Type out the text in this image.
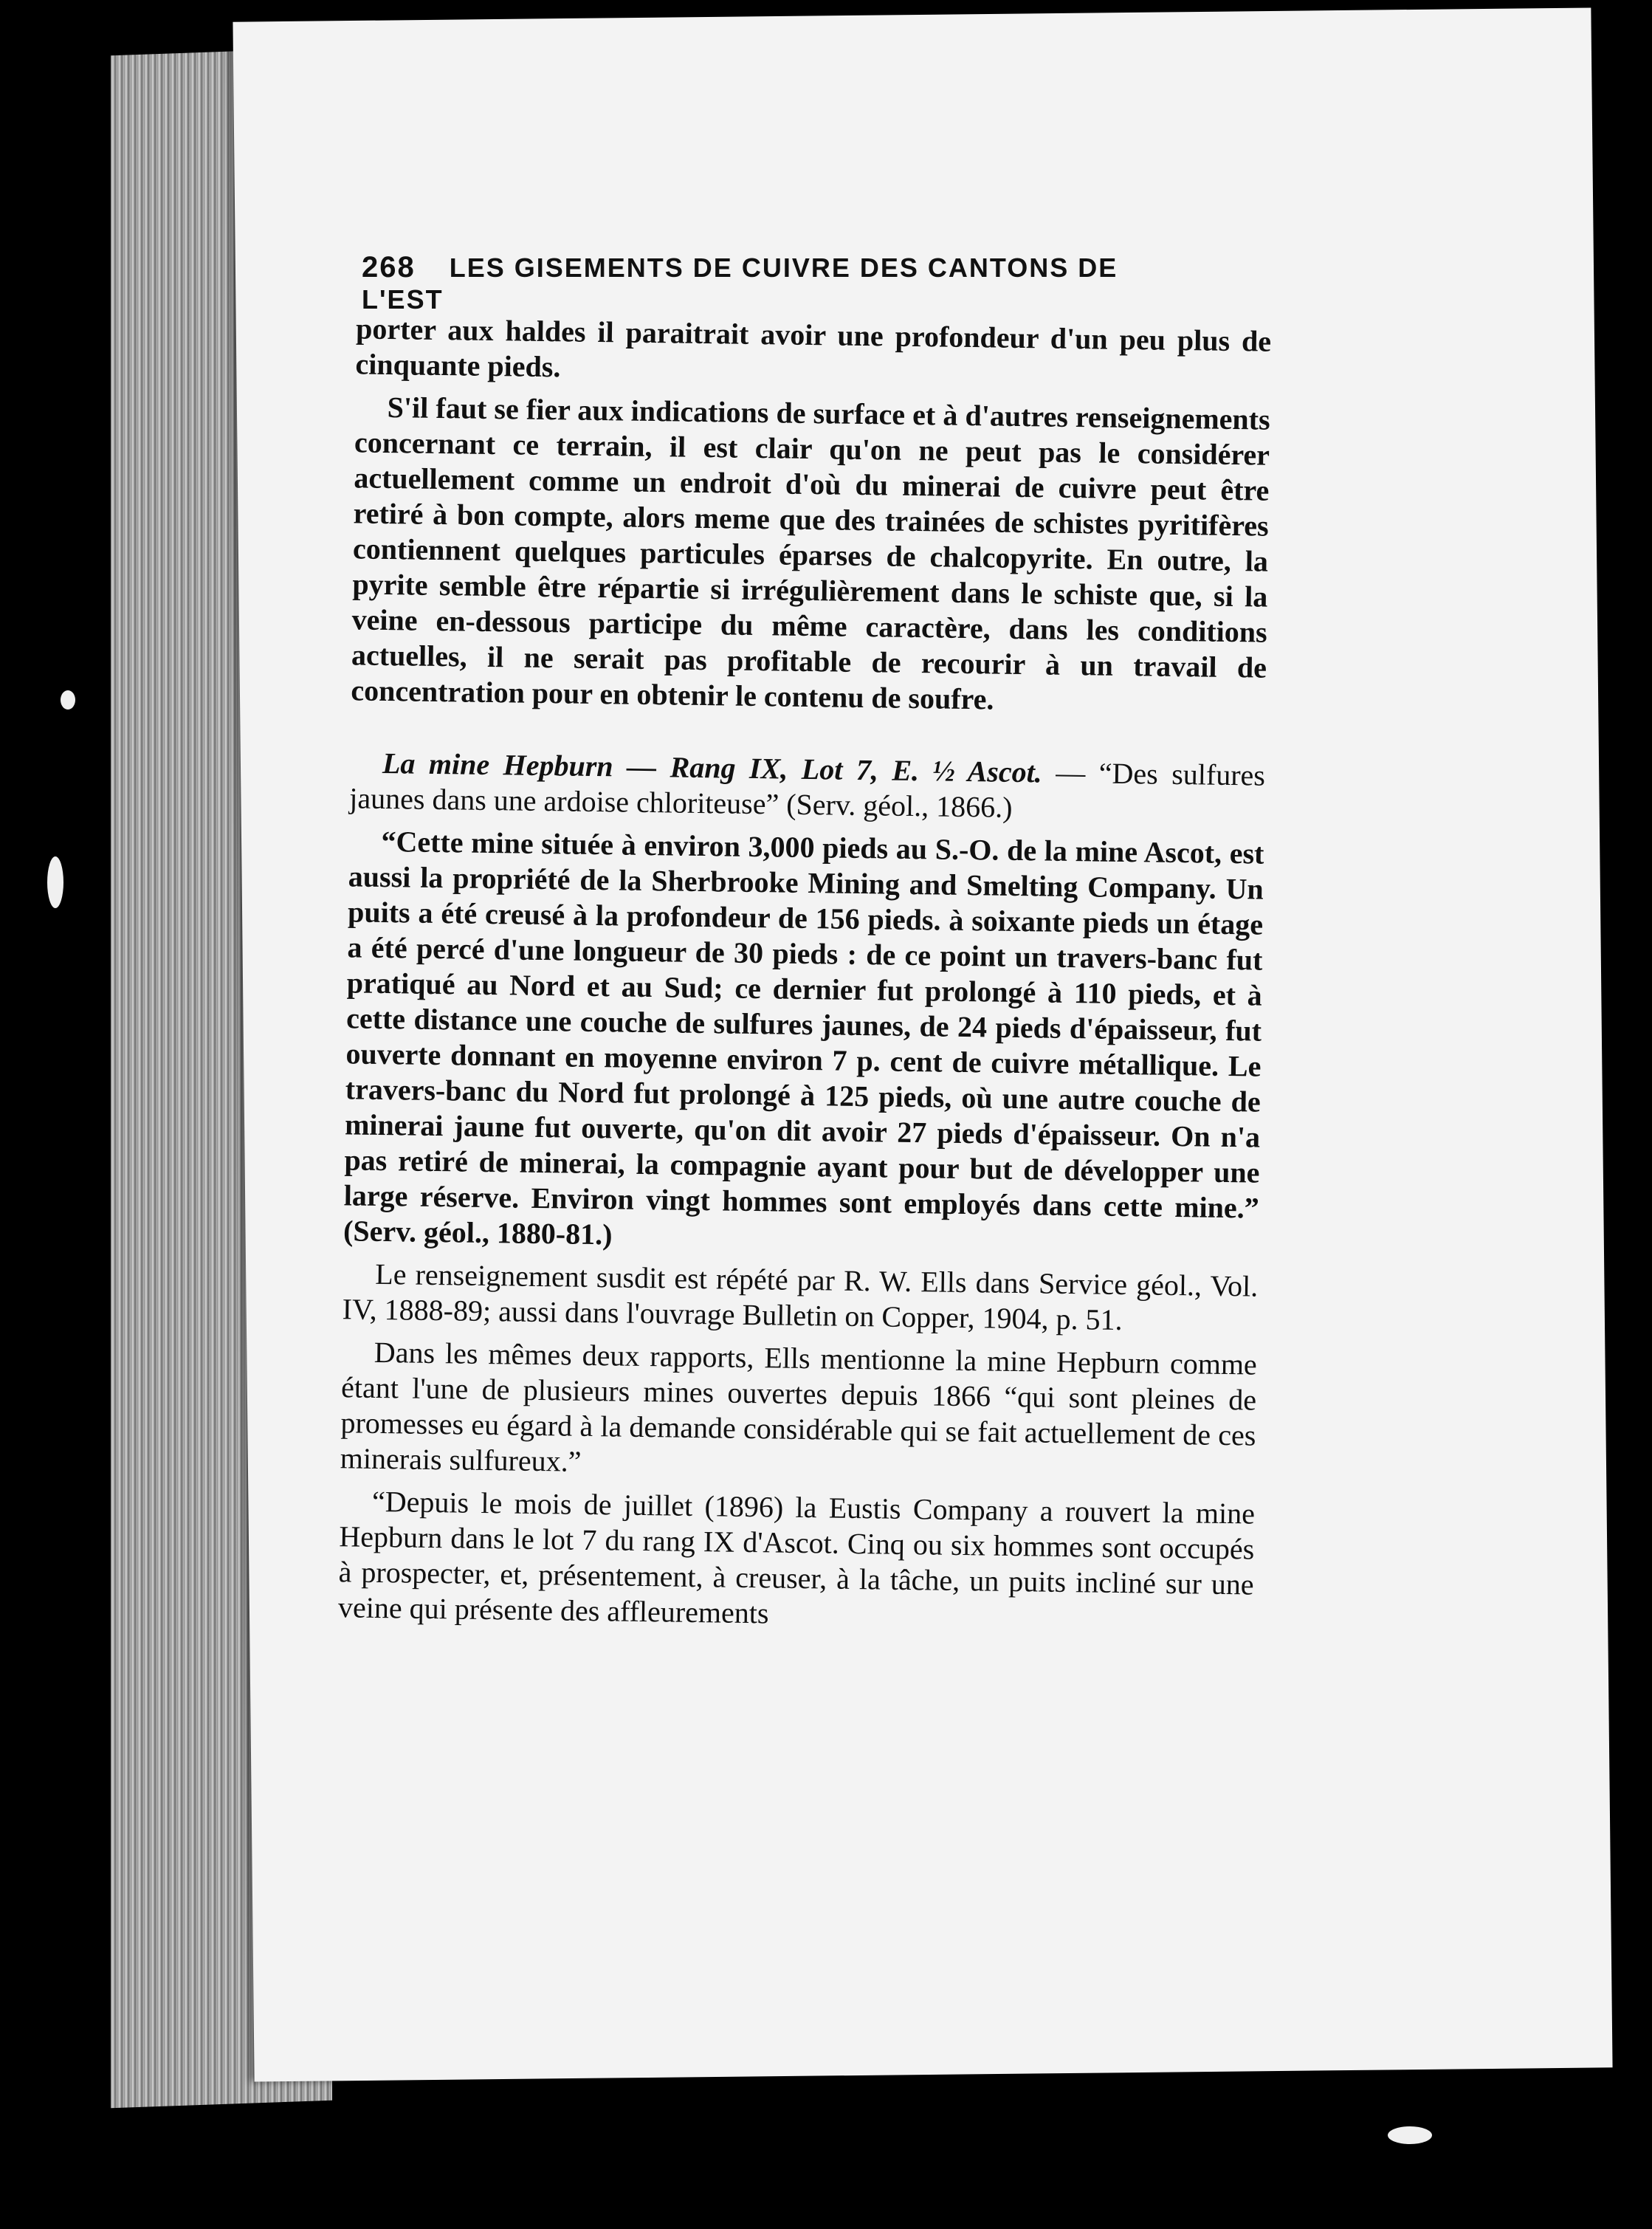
268 LES GISEMENTS DE CUIVRE DES CANTONS DE L'EST

porter aux haldes il paraitrait avoir une profondeur d'un peu plus de cinquante pieds.

S'il faut se fier aux indications de surface et à d'autres renseignements concernant ce terrain, il est clair qu'on ne peut pas le considérer actuellement comme un endroit d'où du minerai de cuivre peut être retiré à bon compte, alors meme que des trainées de schistes pyritifères contiennent quelques particules éparses de chalcopyrite. En outre, la pyrite semble être répartie si irrégulièrement dans le schiste que, si la veine en-dessous participe du même caractère, dans les conditions actuelles, il ne serait pas profitable de recourir à un travail de concentration pour en obtenir le contenu de soufre.

La mine Hepburn — Rang IX, Lot 7, E. ½ Ascot. — “Des sulfures jaunes dans une ardoise chloriteuse” (Serv. géol., 1866.)

“Cette mine située à environ 3,000 pieds au S.-O. de la mine Ascot, est aussi la propriété de la Sherbrooke Mining and Smelting Company. Un puits a été creusé à la profondeur de 156 pieds. à soixante pieds un étage a été percé d'une longueur de 30 pieds : de ce point un travers-banc fut pratiqué au Nord et au Sud; ce dernier fut prolongé à 110 pieds, et à cette distance une couche de sulfures jaunes, de 24 pieds d'épaisseur, fut ouverte donnant en moyenne environ 7 p. cent de cuivre métallique. Le travers-banc du Nord fut prolongé à 125 pieds, où une autre couche de minerai jaune fut ouverte, qu'on dit avoir 27 pieds d'épaisseur. On n'a pas retiré de minerai, la compagnie ayant pour but de développer une large réserve. Environ vingt hommes sont employés dans cette mine.” (Serv. géol., 1880-81.)

Le renseignement susdit est répété par R. W. Ells dans Service géol., Vol. IV, 1888-89; aussi dans l'ouvrage Bulletin on Copper, 1904, p. 51.

Dans les mêmes deux rapports, Ells mentionne la mine Hepburn comme étant l'une de plusieurs mines ouvertes depuis 1866 “qui sont pleines de promesses eu égard à la demande considérable qui se fait actuellement de ces minerais sulfureux.”

“Depuis le mois de juillet (1896) la Eustis Company a rouvert la mine Hepburn dans le lot 7 du rang IX d'Ascot. Cinq ou six hommes sont occupés à prospecter, et, présentement, à creuser, à la tâche, un puits incliné sur une veine qui présente des affleurements
